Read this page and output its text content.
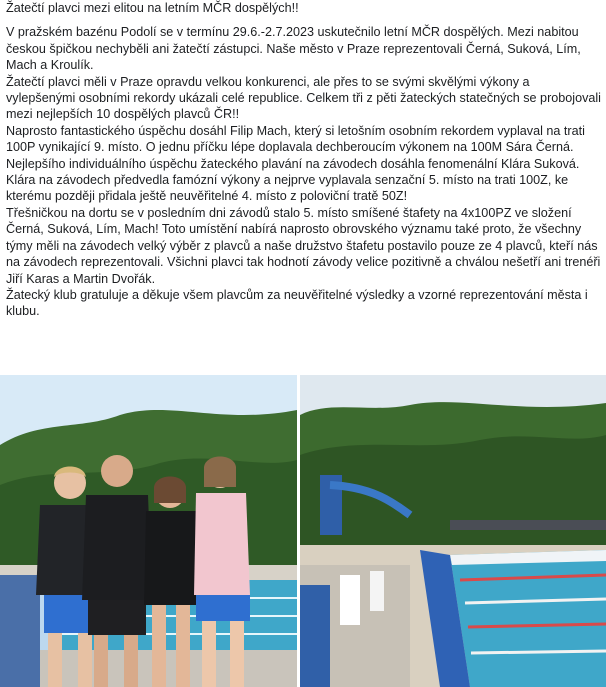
Žatečtí plavci mezi elitou na letním MČR dospělých!!

V pražském bazénu Podolí se v termínu 29.6.-2.7.2023 uskutečnilo letní MČR dospělých. Mezi nabitou českou špičkou nechyběli ani žatečtí zástupci. Naše město v Praze reprezentovali Černá, Suková, Lím, Mach a Kroulík.

Žatečtí plavci měli v Praze opravdu velkou konkurenci, ale přes to se svými skvělými výkony a vylepšenými osobními rekordy ukázali celé republice. Celkem tři z pěti žateckých statečných se probojovali mezi nejlepších 10 dospělých plavců ČR!!

Naprosto fantastického úspěchu dosáhl Filip Mach, který si letošním osobním rekordem vyplaval na trati 100P vynikající 9. místo. O jednu příčku lépe doplavala dechberoucím výkonem na 100M Sára Černá. Nejlepšího individuálního úspěchu žateckého plavání na závodech dosáhla fenomenální Klára Suková. Klára na závodech předvedla famózní výkony a nejprve vyplavala senzační 5. místo na trati 100Z, ke kterému později přidala ještě neuvěřitelné 4. místo z poloviční tratě 50Z!

Třešničkou na dortu se v posledním dni závodů stalo 5. místo smíšené štafety na 4x100PZ ve složení Černá, Suková, Lím, Mach! Toto umístění nabírá naprosto obrovského významu také proto, že všechny týmy měli na závodech velký výběr z plavců a naše družstvo štafetu postavilo pouze ze 4 plavců, kteří nás na závodech reprezentovali. Všichni plavci tak hodnotí závody velice pozitivně a chválou nešetří ani trenéři Jiří Karas a Martin Dvořák.

Žatecký klub gratuluje a děkuje všem plavcům za neuvěřitelné výsledky a vzorné reprezentování města i klubu.
